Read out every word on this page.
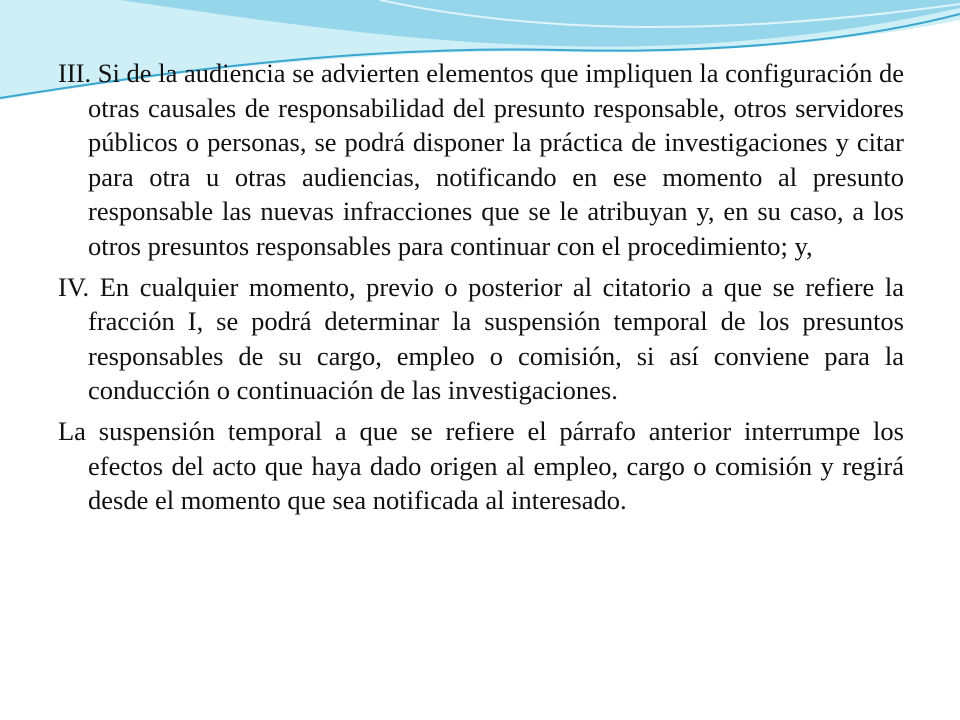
III. Si de la audiencia se advierten elementos que impliquen la configuración de otras causales de responsabilidad del presunto responsable, otros servidores públicos o personas, se podrá disponer la práctica de investigaciones y citar para otra u otras audiencias, notificando en ese momento al presunto responsable las nuevas infracciones que se le atribuyan y, en su caso, a los otros presuntos responsables para continuar con el procedimiento; y,

IV. En cualquier momento, previo o posterior al citatorio a que se refiere la fracción I, se podrá determinar la suspensión temporal de los presuntos responsables de su cargo, empleo o comisión, si así conviene para la conducción o continuación de las investigaciones.

La suspensión temporal a que se refiere el párrafo anterior interrumpe los efectos del acto que haya dado origen al empleo, cargo o comisión y regirá desde el momento que sea notificada al interesado.
